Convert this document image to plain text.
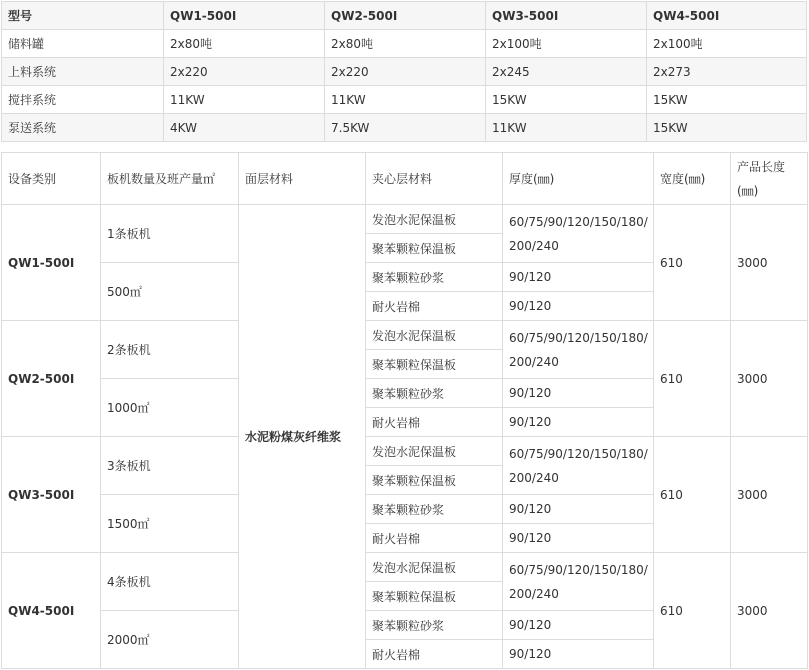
型号	QW1-500I	QW2-500I	QW3-500I	QW4-500I
储料罐	2x80吨	2x80吨	2x100吨	2x100吨
上料系统	2x220	2x220	2x245	2x273
搅拌系统	11KW	11KW	15KW	15KW
泵送系统	4KW	7.5KW	11KW	15KW
设备类别	板机数量及班产量㎡	面层材料	夹心层材料	厚度(㎜)	宽度(㎜)	产品长度(㎜)
QW1-500I	1条板机	水泥粉煤灰纤维浆	发泡水泥保温板	60/75/90/120/150/180/200/240	610	3000
			聚苯颗粒保温板			
	500㎡		聚苯颗粒砂浆	90/120		
			耐火岩棉	90/120		
QW2-500I	2条板机		发泡水泥保温板	60/75/90/120/150/180/200/240	610	3000
			聚苯颗粒保温板			
	1000㎡		聚苯颗粒砂浆	90/120		
			耐火岩棉	90/120		
QW3-500I	3条板机		发泡水泥保温板	60/75/90/120/150/180/200/240	610	3000
			聚苯颗粒保温板			
	1500㎡		聚苯颗粒砂浆	90/120		
			耐火岩棉	90/120		
QW4-500I	4条板机		发泡水泥保温板	60/75/90/120/150/180/200/240	610	3000
			聚苯颗粒保温板			
	2000㎡		聚苯颗粒砂浆	90/120		
			耐火岩棉	90/120		
